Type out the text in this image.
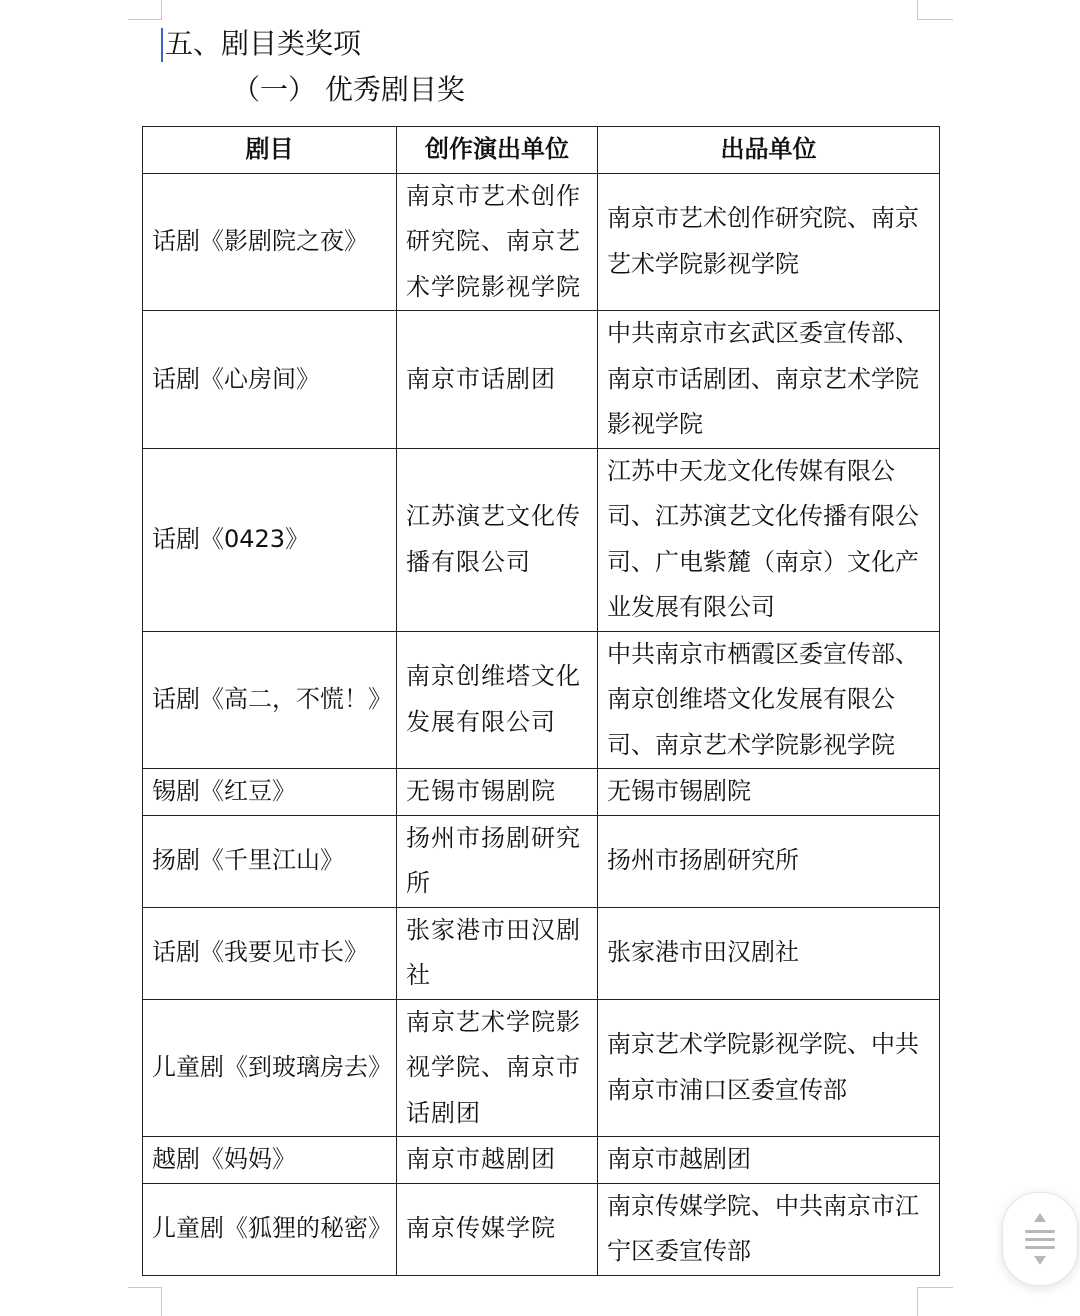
五、剧目类奖项
（一） 优秀剧目奖
剧目	创作演出单位	出品单位
话剧《影剧院之夜》	南京市艺术创作研究院、南京艺术学院影视学院	南京市艺术创作研究院、南京艺术学院影视学院
话剧《心房间》	南京市话剧团	中共南京市玄武区委宣传部、南京市话剧团、南京艺术学院影视学院
话剧《0423》	江苏演艺文化传播有限公司	江苏中天龙文化传媒有限公司、江苏演艺文化传播有限公司、广电紫麓（南京）文化产业发展有限公司
话剧《高二，不慌！》	南京创维塔文化发展有限公司	中共南京市栖霞区委宣传部、南京创维塔文化发展有限公司、南京艺术学院影视学院
锡剧《红豆》	无锡市锡剧院	无锡市锡剧院
扬剧《千里江山》	扬州市扬剧研究所	扬州市扬剧研究所
话剧《我要见市长》	张家港市田汉剧社	张家港市田汉剧社
儿童剧《到玻璃房去》	南京艺术学院影视学院、南京市话剧团	南京艺术学院影视学院、中共南京市浦口区委宣传部
越剧《妈妈》	南京市越剧团	南京市越剧团
儿童剧《狐狸的秘密》	南京传媒学院	南京传媒学院、中共南京市江宁区委宣传部
